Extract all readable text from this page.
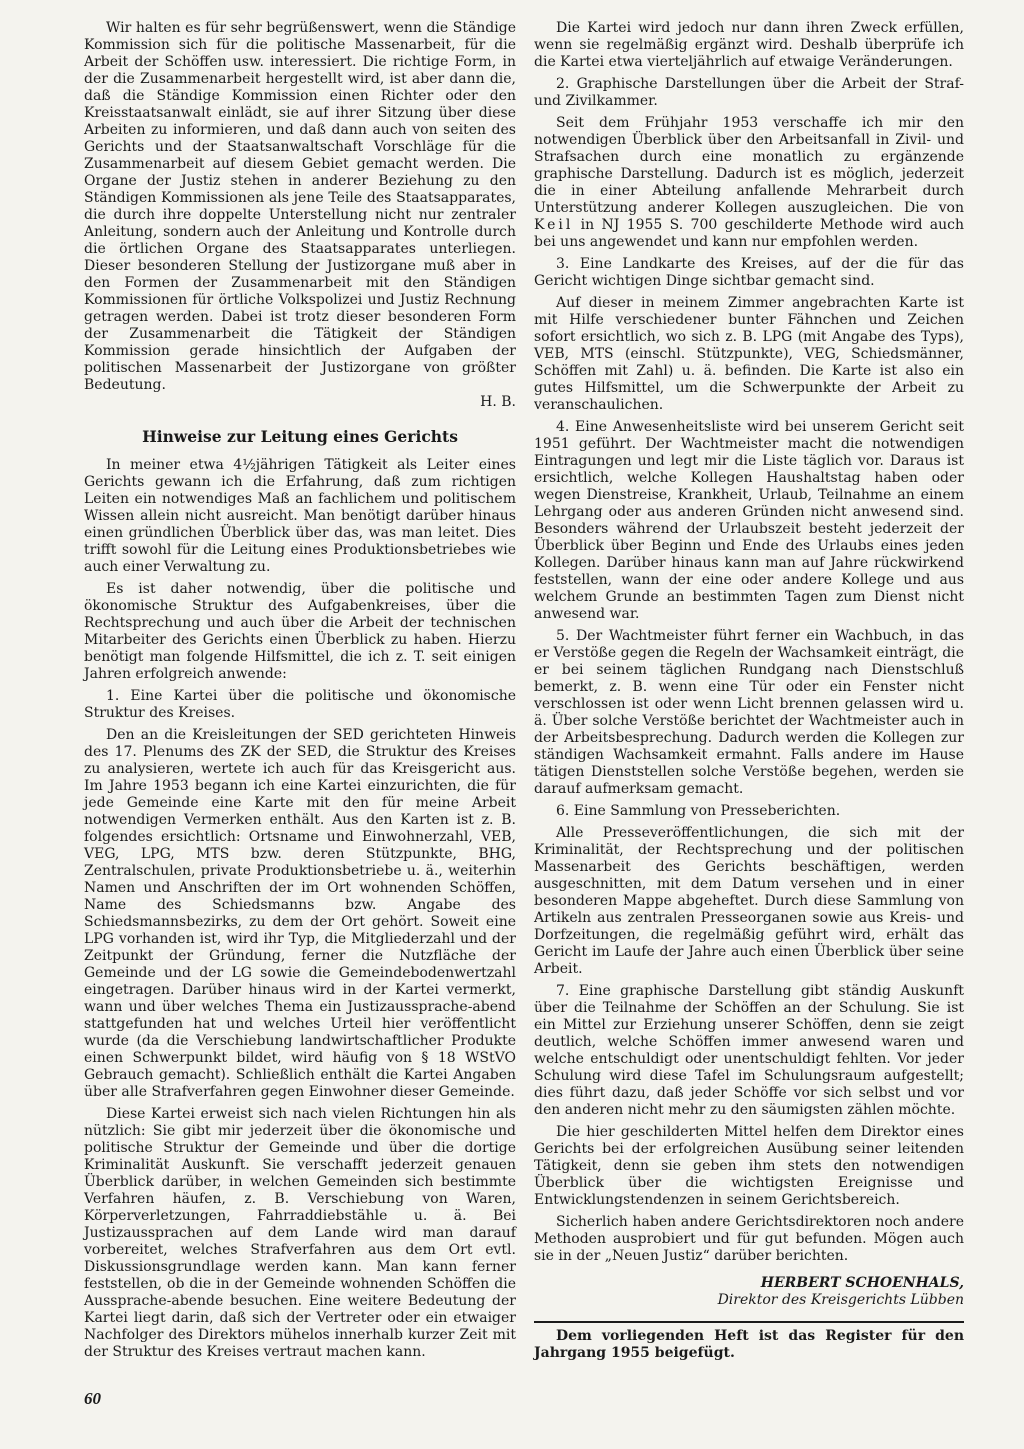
Wir halten es für sehr begrüßenswert, wenn die Ständige Kommission sich für die politische Massenarbeit, für die Arbeit der Schöffen usw. interessiert. Die richtige Form, in der die Zusammenarbeit hergestellt wird, ist aber dann die, daß die Ständige Kommission einen Richter oder den Kreisstaatsanwalt einlädt, sie auf ihrer Sitzung über diese Arbeiten zu informieren, und daß dann auch von seiten des Gerichts und der Staatsanwaltschaft Vorschläge für die Zusammenarbeit auf diesem Gebiet gemacht werden. Die Organe der Justiz stehen in anderer Beziehung zu den Ständigen Kommissionen als jene Teile des Staatsapparates, die durch ihre doppelte Unterstellung nicht nur zentraler Anleitung, sondern auch der Anleitung und Kontrolle durch die örtlichen Organe des Staatsapparates unterliegen. Dieser besonderen Stellung der Justizorgane muß aber in den Formen der Zusammenarbeit mit den Ständigen Kommissionen für örtliche Volkspolizei und Justiz Rechnung getragen werden. Dabei ist trotz dieser besonderen Form der Zusammenarbeit die Tätigkeit der Ständigen Kommission gerade hinsichtlich der Aufgaben der politischen Massenarbeit der Justizorgane von größter Bedeutung.
H. B.

Hinweise zur Leitung eines Gerichts

In meiner etwa 4½jährigen Tätigkeit als Leiter eines Gerichts gewann ich die Erfahrung, daß zum richtigen Leiten ein notwendiges Maß an fachlichem und politischem Wissen allein nicht ausreicht. Man benötigt darüber hinaus einen gründlichen Überblick über das, was man leitet. Dies trifft sowohl für die Leitung eines Produktionsbetriebes wie auch einer Verwaltung zu.

Es ist daher notwendig, über die politische und ökonomische Struktur des Aufgabenkreises, über die Rechtsprechung und auch über die Arbeit der technischen Mitarbeiter des Gerichts einen Überblick zu haben. Hierzu benötigt man folgende Hilfsmittel, die ich z. T. seit einigen Jahren erfolgreich anwende:

1. Eine Kartei über die politische und ökonomische Struktur des Kreises.

Den an die Kreisleitungen der SED gerichteten Hinweis des 17. Plenums des ZK der SED, die Struktur des Kreises zu analysieren, wertete ich auch für das Kreisgericht aus. Im Jahre 1953 begann ich eine Kartei einzurichten, die für jede Gemeinde eine Karte mit den für meine Arbeit notwendigen Vermerken enthält. Aus den Karten ist z. B. folgendes ersichtlich: Ortsname und Einwohnerzahl, VEB, VEG, LPG, MTS bzw. deren Stützpunkte, BHG, Zentralschulen, private Produktionsbetriebe u. ä., weiterhin Namen und Anschriften der im Ort wohnenden Schöffen, Name des Schiedsmanns bzw. Angabe des Schiedsmannsbezirks, zu dem der Ort gehört. Soweit eine LPG vorhanden ist, wird ihr Typ, die Mitgliederzahl und der Zeitpunkt der Gründung, ferner die Nutzfläche der Gemeinde und der LG sowie die Gemeindebodenwertzahl eingetragen. Darüber hinaus wird in der Kartei vermerkt, wann und über welches Thema ein Justizaussprache-abend stattgefunden hat und welches Urteil hier veröffentlicht wurde (da die Verschiebung landwirtschaftlicher Produkte einen Schwerpunkt bildet, wird häufig von § 18 WStVO Gebrauch gemacht). Schließlich enthält die Kartei Angaben über alle Strafverfahren gegen Einwohner dieser Gemeinde.

Diese Kartei erweist sich nach vielen Richtungen hin als nützlich: Sie gibt mir jederzeit über die ökonomische und politische Struktur der Gemeinde und über die dortige Kriminalität Auskunft. Sie verschafft jederzeit genauen Überblick darüber, in welchen Gemeinden sich bestimmte Verfahren häufen, z. B. Verschiebung von Waren, Körperverletzungen, Fahrraddiebstähle u. ä. Bei Justizaussprachen auf dem Lande wird man darauf vorbereitet, welches Strafverfahren aus dem Ort evtl. Diskussionsgrundlage werden kann. Man kann ferner feststellen, ob die in der Gemeinde wohnenden Schöffen die Aussprache-abende besuchen. Eine weitere Bedeutung der Kartei liegt darin, daß sich der Vertreter oder ein etwaiger Nachfolger des Direktors mühelos innerhalb kurzer Zeit mit der Struktur des Kreises vertraut machen kann.

Die Kartei wird jedoch nur dann ihren Zweck erfüllen, wenn sie regelmäßig ergänzt wird. Deshalb überprüfe ich die Kartei etwa vierteljährlich auf etwaige Veränderungen.

2. Graphische Darstellungen über die Arbeit der Straf- und Zivilkammer.

Seit dem Frühjahr 1953 verschaffe ich mir den notwendigen Überblick über den Arbeitsanfall in Zivil- und Strafsachen durch eine monatlich zu ergänzende graphische Darstellung. Dadurch ist es möglich, jederzeit die in einer Abteilung anfallende Mehrarbeit durch Unterstützung anderer Kollegen auszugleichen. Die von Keil in NJ 1955 S. 700 geschilderte Methode wird auch bei uns angewendet und kann nur empfohlen werden.

3. Eine Landkarte des Kreises, auf der die für das Gericht wichtigen Dinge sichtbar gemacht sind.

Auf dieser in meinem Zimmer angebrachten Karte ist mit Hilfe verschiedener bunter Fähnchen und Zeichen sofort ersichtlich, wo sich z. B. LPG (mit Angabe des Typs), VEB, MTS (einschl. Stützpunkte), VEG, Schiedsmänner, Schöffen mit Zahl) u. ä. befinden. Die Karte ist also ein gutes Hilfsmittel, um die Schwerpunkte der Arbeit zu veranschaulichen.

4. Eine Anwesenheitsliste wird bei unserem Gericht seit 1951 geführt. Der Wachtmeister macht die notwendigen Eintragungen und legt mir die Liste täglich vor. Daraus ist ersichtlich, welche Kollegen Haushaltstag haben oder wegen Dienstreise, Krankheit, Urlaub, Teilnahme an einem Lehrgang oder aus anderen Gründen nicht anwesend sind. Besonders während der Urlaubszeit besteht jederzeit der Überblick über Beginn und Ende des Urlaubs eines jeden Kollegen. Darüber hinaus kann man auf Jahre rückwirkend feststellen, wann der eine oder andere Kollege und aus welchem Grunde an bestimmten Tagen zum Dienst nicht anwesend war.

5. Der Wachtmeister führt ferner ein Wachbuch, in das er Verstöße gegen die Regeln der Wachsamkeit einträgt, die er bei seinem täglichen Rundgang nach Dienstschluß bemerkt, z. B. wenn eine Tür oder ein Fenster nicht verschlossen ist oder wenn Licht brennen gelassen wird u. ä. Über solche Verstöße berichtet der Wachtmeister auch in der Arbeitsbesprechung. Dadurch werden die Kollegen zur ständigen Wachsamkeit ermahnt. Falls andere im Hause tätigen Dienststellen solche Verstöße begehen, werden sie darauf aufmerksam gemacht.

6. Eine Sammlung von Presseberichten.

Alle Presseveröffentlichungen, die sich mit der Kriminalität, der Rechtsprechung und der politischen Massenarbeit des Gerichts beschäftigen, werden ausgeschnitten, mit dem Datum versehen und in einer besonderen Mappe abgeheftet. Durch diese Sammlung von Artikeln aus zentralen Presseorganen sowie aus Kreis- und Dorfzeitungen, die regelmäßig geführt wird, erhält das Gericht im Laufe der Jahre auch einen Überblick über seine Arbeit.

7. Eine graphische Darstellung gibt ständig Auskunft über die Teilnahme der Schöffen an der Schulung. Sie ist ein Mittel zur Erziehung unserer Schöffen, denn sie zeigt deutlich, welche Schöffen immer anwesend waren und welche entschuldigt oder unentschuldigt fehlten. Vor jeder Schulung wird diese Tafel im Schulungsraum aufgestellt; dies führt dazu, daß jeder Schöffe vor sich selbst und vor den anderen nicht mehr zu den säumigsten zählen möchte.

Die hier geschilderten Mittel helfen dem Direktor eines Gerichts bei der erfolgreichen Ausübung seiner leitenden Tätigkeit, denn sie geben ihm stets den notwendigen Überblick über die wichtigsten Ereignisse und Entwicklungstendenzen in seinem Gerichtsbereich.

Sicherlich haben andere Gerichtsdirektoren noch andere Methoden ausprobiert und für gut befunden. Mögen auch sie in der „Neuen Justiz“ darüber berichten.

HERBERT SCHOENHALS,
Direktor des Kreisgerichts Lübben

Dem vorliegenden Heft ist das Register für den Jahrgang 1955 beigefügt.

60
